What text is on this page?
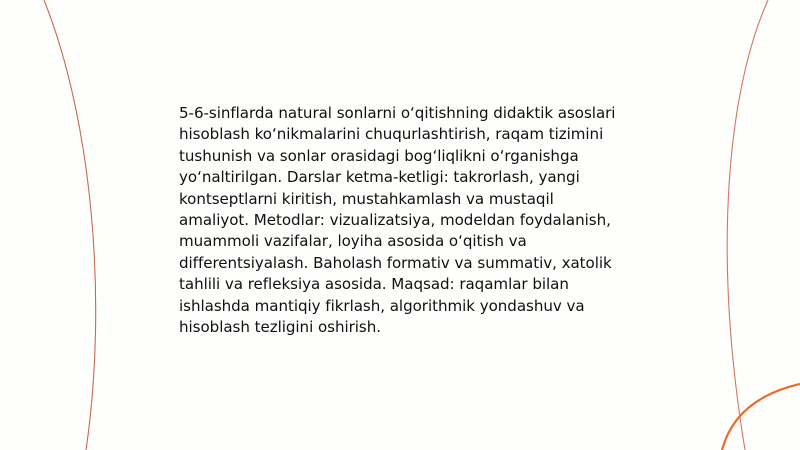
5-6-sinflarda natural sonlarni o‘qitishning didaktik asoslari hisoblash ko‘nikmalarini chuqurlashtirish, raqam tizimini tushunish va sonlar orasidagi bog‘liqlikni o‘rganishga yo‘naltirilgan. Darslar ketma-ketligi: takrorlash, yangi kontseptlarni kiritish, mustahkamlash va mustaqil amaliyot. Metodlar: vizualizatsiya, modeldan foydalanish, muammoli vazifalar, loyiha asosida o‘qitish va differentsiyalash. Baholash formativ va summativ, xatolik tahlili va refleksiya asosida. Maqsad: raqamlar bilan ishlashda mantiqiy fikrlash, algorithmik yondashuv va hisoblash tezligini oshirish.
